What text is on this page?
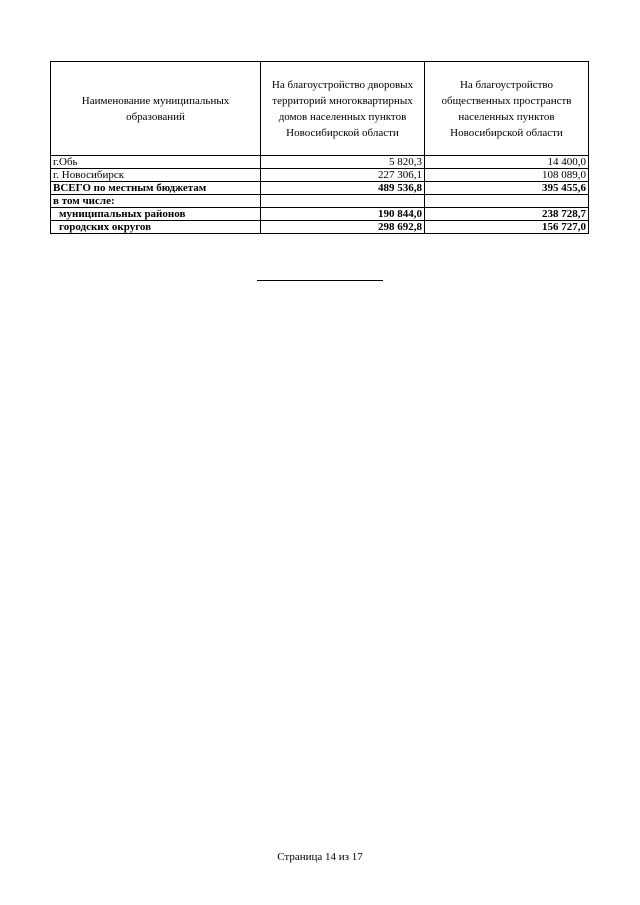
Наименование муниципальных образований	На благоустройство дворовых территорий многоквартирных домов населенных пунктов Новосибирской области	На благоустройство общественных пространств населенных пунктов Новосибирской области
г.Обь	5 820,3	14 400,0
г. Новосибирск	227 306,1	108 089,0
ВСЕГО по местным бюджетам	489 536,8	395 455,6
в том числе:		
муниципальных районов	190 844,0	238 728,7
городских округов	298 692,8	156 727,0
Страница 14 из 17
